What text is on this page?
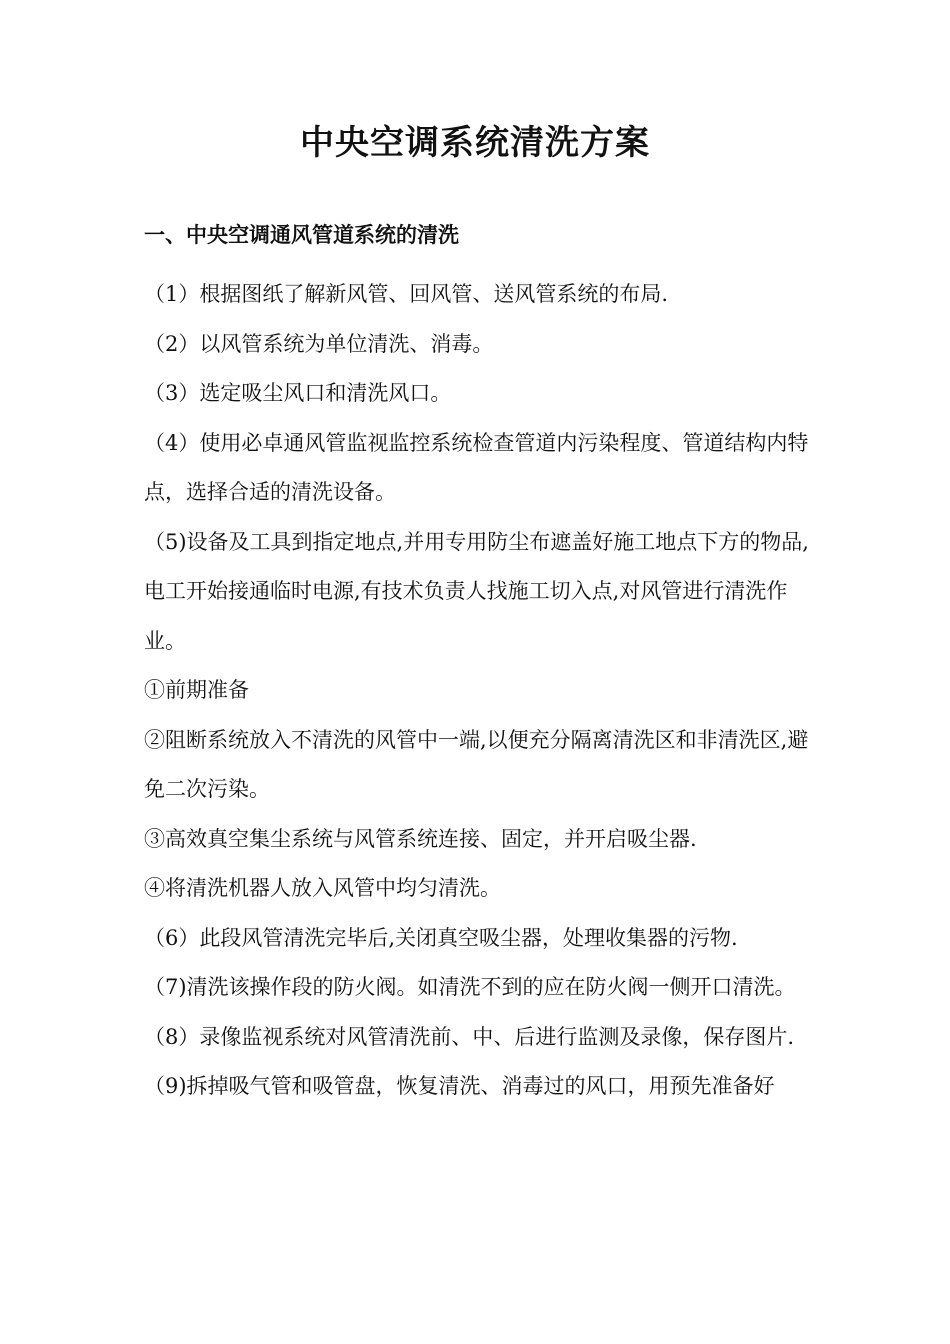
中央空调系统清洗方案
一、中央空调通风管道系统的清洗

（1）根据图纸了解新风管、回风管、送风管系统的布局.

（2）以风管系统为单位清洗、消毒。

（3）选定吸尘风口和清洗风口。

（4）使用必卓通风管监视监控系统检查管道内污染程度、管道结构内特点，选择合适的清洗设备。

（5)设备及工具到指定地点,并用专用防尘布遮盖好施工地点下方的物品,电工开始接通临时电源,有技术负责人找施工切入点,对风管进行清洗作业。

①前期准备

②阻断系统放入不清洗的风管中一端,以便充分隔离清洗区和非清洗区,避免二次污染。

③高效真空集尘系统与风管系统连接、固定，并开启吸尘器.

④将清洗机器人放入风管中均匀清洗。

（6）此段风管清洗完毕后,关闭真空吸尘器，处理收集器的污物.

（7)清洗该操作段的防火阀。如清洗不到的应在防火阀一侧开口清洗。

（8）录像监视系统对风管清洗前、中、后进行监测及录像，保存图片.

（9)拆掉吸气管和吸管盘，恢复清洗、消毒过的风口，用预先准备好
